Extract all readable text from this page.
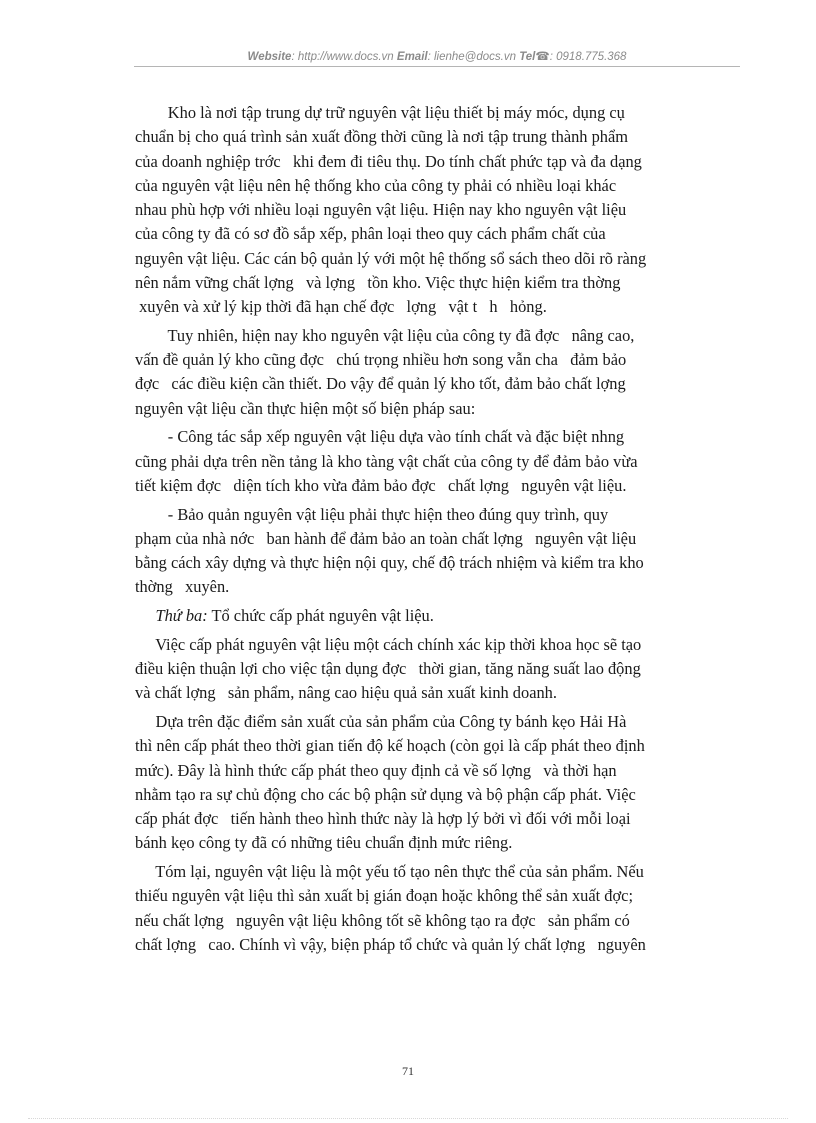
Website: http://www.docs.vn Email: lienhe@docs.vn Tel☎: 0918.775.368
Kho là nơi tập trung dự trữ nguyên vật liệu thiết bị máy móc, dụng cụ
chuẩn bị cho quá trình sản xuất đồng thời cũng là nơi tập trung thành phẩm
của doanh nghiệp trớc   khi đem đi tiêu thụ. Do tính chất phức tạp và đa dạng
của nguyên vật liệu nên hệ thống kho của công ty phải có nhiều loại khác
nhau phù hợp với nhiều loại nguyên vật liệu. Hiện nay kho nguyên vật liệu
của công ty đã có sơ đồ sắp xếp, phân loại theo quy cách phẩm chất của
nguyên vật liệu. Các cán bộ quản lý với một hệ thống sổ sách theo dõi rõ ràng
nên nắm vững chất lợng   và lợng   tồn kho. Việc thực hiện kiểm tra thờng
xuyên và xử lý kịp thời đã hạn chế đợc   lợng   vật t   h   hỏng.
Tuy nhiên, hiện nay kho nguyên vật liệu của công ty đã đợc   nâng cao,
vấn đề quản lý kho cũng đợc   chú trọng nhiều hơn song vẫn cha   đảm bảo
đợc   các điều kiện cần thiết. Do vậy để quản lý kho tốt, đảm bảo chất lợng
nguyên vật liệu cần thực hiện một số biện pháp sau:
- Công tác sắp xếp nguyên vật liệu dựa vào tính chất và đặc biệt nhng
cũng phải dựa trên nền tảng là kho tàng vật chất của công ty để đảm bảo vừa
tiết kiệm đợc   diện tích kho vừa đảm bảo đợc   chất lợng   nguyên vật liệu.
- Bảo quản nguyên vật liệu phải thực hiện theo đúng quy trình, quy
phạm của nhà nớc   ban hành để đảm bảo an toàn chất lợng   nguyên vật liệu
bằng cách xây dựng và thực hiện nội quy, chế độ trách nhiệm và kiểm tra kho
thờng   xuyên.
Thứ ba: Tổ chức cấp phát nguyên vật liệu.
Việc cấp phát nguyên vật liệu một cách chính xác kịp thời khoa học sẽ tạo
điều kiện thuận lợi cho việc tận dụng đợc   thời gian, tăng năng suất lao động
và chất lợng   sản phẩm, nâng cao hiệu quả sản xuất kinh doanh.
Dựa trên đặc điểm sản xuất của sản phẩm của Công ty bánh kẹo Hải Hà
thì nên cấp phát theo thời gian tiến độ kế hoạch (còn gọi là cấp phát theo định
mức). Đây là hình thức cấp phát theo quy định cả về số lợng   và thời hạn
nhằm tạo ra sự chủ động cho các bộ phận sử dụng và bộ phận cấp phát. Việc
cấp phát đợc   tiến hành theo hình thức này là hợp lý bởi vì đối với mỗi loại
bánh kẹo công ty đã có những tiêu chuẩn định mức riêng.
Tóm lại, nguyên vật liệu là một yếu tố tạo nên thực thể của sản phẩm. Nếu
thiếu nguyên vật liệu thì sản xuất bị gián đoạn hoặc không thể sản xuất đợc;
nếu chất lợng   nguyên vật liệu không tốt sẽ không tạo ra đợc   sản phẩm có
chất lợng   cao. Chính vì vậy, biện pháp tổ chức và quản lý chất lợng   nguyên
71
